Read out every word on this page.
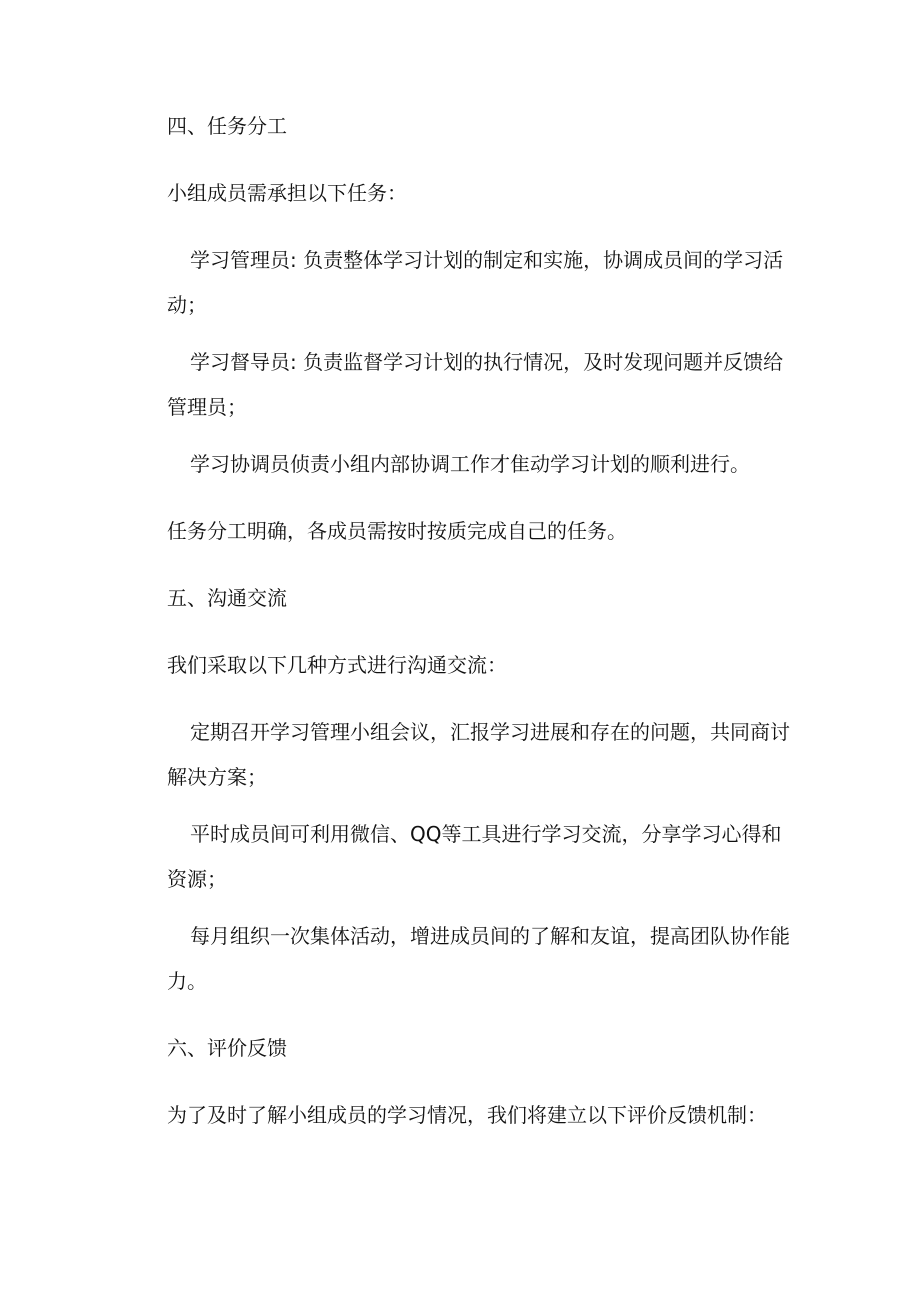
四、任务分工

小组成员需承担以下任务：

学习管理员: 负责整体学习计划的制定和实施，协调成员间的学习活

动；

学习督导员: 负责监督学习计划的执行情况，及时发现问题并反馈给

管理员；

学习协调员侦责小组内部协调工作才隹动学习计划的顺利进行。

任务分工明确，各成员需按时按质完成自己的任务。

五、沟通交流

我们采取以下几种方式进行沟通交流：

定期召开学习管理小组会议，汇报学习进展和存在的问题，共同商讨

解决方案；

平时成员间可利用微信、QQ等工具进行学习交流，分享学习心得和

资源；

每月组织一次集体活动，增进成员间的了解和友谊，提高团队协作能

力。

六、评价反馈

为了及时了解小组成员的学习情况，我们将建立以下评价反馈机制：
